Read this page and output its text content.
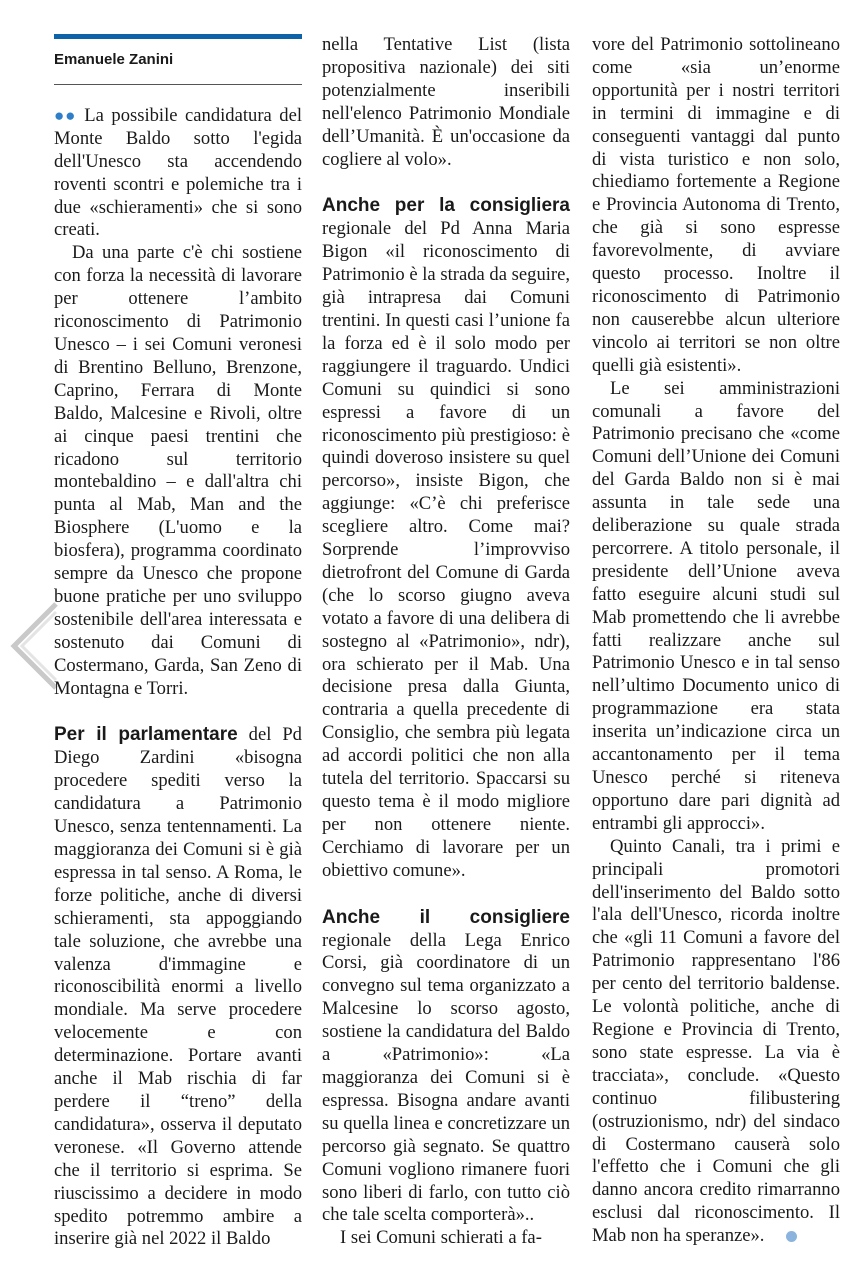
Emanuele Zanini

●● La possibile candidatura del Monte Baldo sotto l'egida dell'Unesco sta accendendo roventi scontri e polemiche tra i due «schieramenti» che si sono creati.

Da una parte c'è chi sostiene con forza la necessità di lavorare per ottenere l’ambito riconoscimento di Patrimonio Unesco – i sei Comuni veronesi di Brentino Belluno, Brenzone, Caprino, Ferrara di Monte Baldo, Malcesine e Rivoli, oltre ai cinque paesi trentini che ricadono sul territorio montebaldino – e dall'altra chi punta al Mab, Man and the Biosphere (L'uomo e la biosfera), programma coordinato sempre da Unesco che propone buone pratiche per uno sviluppo sostenibile dell'area interessata e sostenuto dai Comuni di Costermano, Garda, San Zeno di Montagna e Torri.

Per il parlamentare del Pd Diego Zardini «bisogna procedere spediti verso la candidatura a Patrimonio Unesco, senza tentennamenti. La maggioranza dei Comuni si è già espressa in tal senso. A Roma, le forze politiche, anche di diversi schieramenti, sta appoggiando tale soluzione, che avrebbe una valenza d'immagine e riconoscibilità enormi a livello mondiale. Ma serve procedere velocemente e con determinazione. Portare avanti anche il Mab rischia di far perdere il “treno” della candidatura», osserva il deputato veronese. «Il Governo attende che il territorio si esprima. Se riuscissimo a decidere in modo spedito potremmo ambire a inserire già nel 2022 il Baldo

nella Tentative List (lista propositiva nazionale) dei siti potenzialmente inseribili nell'elenco Patrimonio Mondiale dell’Umanità. È un'occasione da cogliere al volo».

Anche per la consigliera regionale del Pd Anna Maria Bigon «il riconoscimento di Patrimonio è la strada da seguire, già intrapresa dai Comuni trentini. In questi casi l’unione fa la forza ed è il solo modo per raggiungere il traguardo. Undici Comuni su quindici si sono espressi a favore di un riconoscimento più prestigioso: è quindi doveroso insistere su quel percorso», insiste Bigon, che aggiunge: «C’è chi preferisce scegliere altro. Come mai? Sorprende l’improvviso dietrofront del Comune di Garda (che lo scorso giugno aveva votato a favore di una delibera di sostegno al «Patrimonio», ndr), ora schierato per il Mab. Una decisione presa dalla Giunta, contraria a quella precedente di Consiglio, che sembra più legata ad accordi politici che non alla tutela del territorio. Spaccarsi su questo tema è il modo migliore per non ottenere niente. Cerchiamo di lavorare per un obiettivo comune».

Anche il consigliere regionale della Lega Enrico Corsi, già coordinatore di un convegno sul tema organizzato a Malcesine lo scorso agosto, sostiene la candidatura del Baldo a «Patrimonio»: «La maggioranza dei Comuni si è espressa. Bisogna andare avanti su quella linea e concretizzare un percorso già segnato. Se quattro Comuni vogliono rimanere fuori sono liberi di farlo, con tutto ciò che tale scelta comporterà»..

I sei Comuni schierati a fa-

vore del Patrimonio sottolineano come «sia un’enorme opportunità per i nostri territori in termini di immagine e di conseguenti vantaggi dal punto di vista turistico e non solo, chiediamo fortemente a Regione e Provincia Autonoma di Trento, che già si sono espresse favorevolmente, di avviare questo processo. Inoltre il riconoscimento di Patrimonio non causerebbe alcun ulteriore vincolo ai territori se non oltre quelli già esistenti».

Le sei amministrazioni comunali a favore del Patrimonio precisano che «come Comuni dell’Unione dei Comuni del Garda Baldo non si è mai assunta in tale sede una deliberazione su quale strada percorrere. A titolo personale, il presidente dell’Unione aveva fatto eseguire alcuni studi sul Mab promettendo che li avrebbe fatti realizzare anche sul Patrimonio Unesco e in tal senso nell’ultimo Documento unico di programmazione era stata inserita un’indicazione circa un accantonamento per il tema Unesco perché si riteneva opportuno dare pari dignità ad entrambi gli approcci».

Quinto Canali, tra i primi e principali promotori dell'inserimento del Baldo sotto l'ala dell'Unesco, ricorda inoltre che «gli 11 Comuni a favore del Patrimonio rappresentano l'86 per cento del territorio baldense. Le volontà politiche, anche di Regione e Provincia di Trento, sono state espresse. La via è tracciata», conclude. «Questo continuo filibustering (ostruzionismo, ndr) del sindaco di Costermano causerà solo l'effetto che i Comuni che gli danno ancora credito rimarranno esclusi dal riconoscimento. Il Mab non ha speranze».
